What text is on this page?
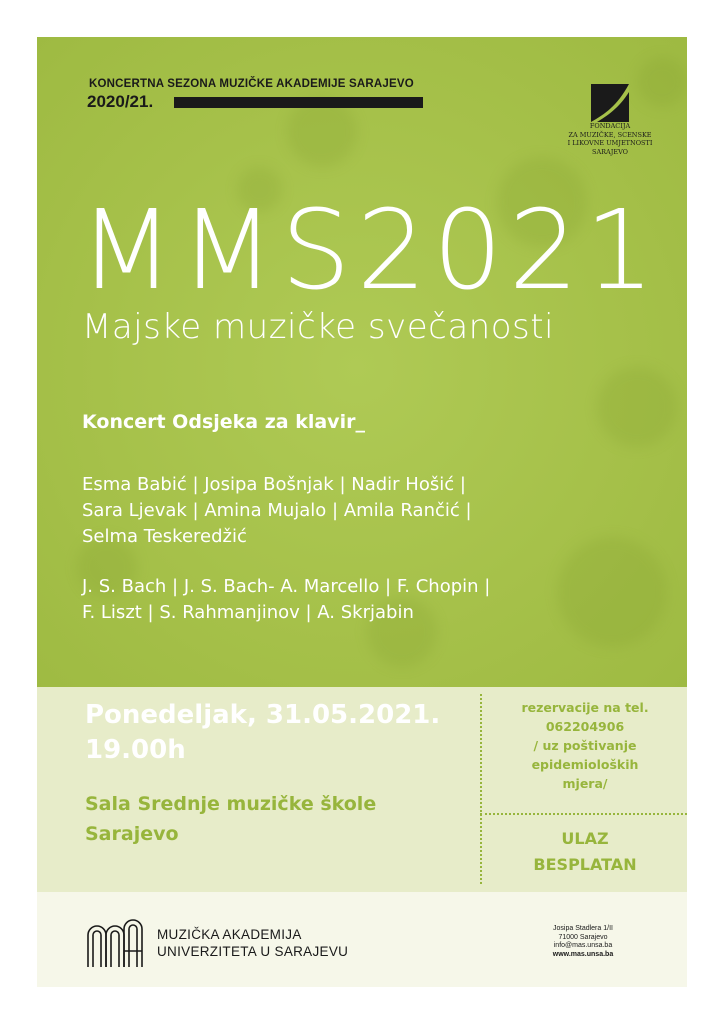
KONCERTNA SEZONA MUZIČKE AKADEMIJE SARAJEVO
2020/21.
FONDACIJA
ZA MUZIČKE, SCENSKE
I LIKOVNE UMJETNOSTI
SARAJEVO
MMS2021
Majske muzičke svečanosti
Koncert Odsjeka za klavir_
Esma Babić | Josipa Bošnjak | Nadir Hošić |
Sara Ljevak | Amina Mujalo | Amila Rančić |
Selma Teskeredžić
J. S. Bach | J. S. Bach- A. Marcello | F. Chopin |
F. Liszt | S. Rahmanjinov | A. Skrjabin
Ponedeljak, 31.05.2021.
19.00h
Sala Srednje muzičke škole
Sarajevo
rezervacije na tel.
062204906
/ uz poštivanje
epidemioloških
mjera/
ULAZ
BESPLATAN
MUZIČKA AKADEMIJA
UNIVERZITETA U SARAJEVU
Josipa Stadlera 1/II
71000 Sarajevo
info@mas.unsa.ba
www.mas.unsa.ba
